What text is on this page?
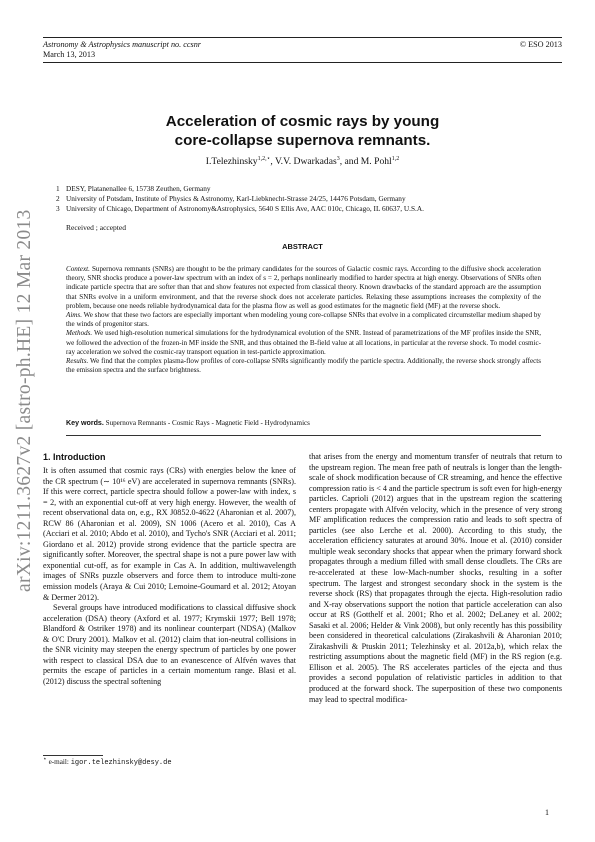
Astronomy & Astrophysics manuscript no. ccsnr
March 13, 2013
© ESO 2013
arXiv:1211.3627v2 [astro-ph.HE] 12 Mar 2013
Acceleration of cosmic rays by young
core-collapse supernova remnants.
I.Telezhinsky$^{1,2,⋆}$, V.V. Dwarkadas$^3$, and M. Pohl$^{1,2}$
1 DESY, Platanenallee 6, 15738 Zeuthen, Germany
2 University of Potsdam, Institute of Physics & Astronomy, Karl-Liebknecht-Strasse 24/25, 14476 Potsdam, Germany
3 University of Chicago, Department of Astronomy&Astrophysics, 5640 S Ellis Ave, AAC 010c, Chicago, IL 60637, U.S.A.
Received ; accepted
ABSTRACT

Context. Supernova remnants (SNRs) are thought to be the primary candidates for the sources of Galactic cosmic rays. According to the diffusive shock acceleration theory, SNR shocks produce a power-law spectrum with an index of s = 2, perhaps nonlinearly modified to harder spectra at high energy. Observations of SNRs often indicate particle spectra that are softer than that and show features not expected from classical theory. Known drawbacks of the standard approach are the assumption that SNRs evolve in a uniform environment, and that the reverse shock does not accelerate particles. Relaxing these assumptions increases the complexity of the problem, because one needs reliable hydrodynamical data for the plasma flow as well as good estimates for the magnetic field (MF) at the reverse shock.

Aims. We show that these two factors are especially important when modeling young core-collapse SNRs that evolve in a complicated circumstellar medium shaped by the winds of progenitor stars.

Methods. We used high-resolution numerical simulations for the hydrodynamical evolution of the SNR. Instead of parametrizations of the MF profiles inside the SNR, we followed the advection of the frozen-in MF inside the SNR, and thus obtained the B-field value at all locations, in particular at the reverse shock. To model cosmic-ray acceleration we solved the cosmic-ray transport equation in test-particle approximation.

Results. We find that the complex plasma-flow profiles of core-collapse SNRs significantly modify the particle spectra. Additionally, the reverse shock strongly affects the emission spectra and the surface brightness.

Key words. Supernova Remnants - Cosmic Rays - Magnetic Field - Hydrodynamics
1. Introduction

It is often assumed that cosmic rays (CRs) with energies below the knee of the CR spectrum (∼ 10¹⁶ eV) are accelerated in supernova remnants (SNRs). If this were correct, particle spectra should follow a power-law with index, s = 2, with an exponential cut-off at very high energy. However, the wealth of recent observational data on, e.g., RX J0852.0-4622 (Aharonian et al. 2007), RCW 86 (Aharonian et al. 2009), SN 1006 (Acero et al. 2010), Cas A (Acciari et al. 2010; Abdo et al. 2010), and Tycho's SNR (Acciari et al. 2011; Giordano et al. 2012) provide strong evidence that the particle spectra are significantly softer. Moreover, the spectral shape is not a pure power law with exponential cut-off, as for example in Cas A. In addition, multiwavelength images of SNRs puzzle observers and force them to introduce multi-zone emission models (Araya & Cui 2010; Lemoine-Goumard et al. 2012; Atoyan & Dermer 2012).

Several groups have introduced modifications to classical diffusive shock acceleration (DSA) theory (Axford et al. 1977; Krymskii 1977; Bell 1978; Blandford & Ostriker 1978) and its nonlinear counterpart (NDSA) (Malkov & O'C Drury 2001). Malkov et al. (2012) claim that ion-neutral collisions in the SNR vicinity may steepen the energy spectrum of particles by one power with respect to classical DSA due to an evanescence of Alfvén waves that permits the escape of particles in a certain momentum range. Blasi et al. (2012) discuss the spectral softening

that arises from the energy and momentum transfer of neutrals that return to the upstream region. The mean free path of neutrals is longer than the length-scale of shock modification because of CR streaming, and hence the effective compression ratio is < 4 and the particle spectrum is soft even for high-energy particles. Caprioli (2012) argues that in the upstream region the scattering centers propagate with Alfvén velocity, which in the presence of very strong MF amplification reduces the compression ratio and leads to soft spectra of particles (see also Lerche et al. 2000). According to this study, the acceleration efficiency saturates at around 30%. Inoue et al. (2010) consider multiple weak secondary shocks that appear when the primary forward shock propagates through a medium filled with small dense cloudlets. The CRs are re-accelerated at these low-Mach-number shocks, resulting in a softer spectrum. The largest and strongest secondary shock in the system is the reverse shock (RS) that propagates through the ejecta. High-resolution radio and X-ray observations support the notion that particle acceleration can also occur at RS (Gotthelf et al. 2001; Rho et al. 2002; DeLaney et al. 2002; Sasaki et al. 2006; Helder & Vink 2008), but only recently has this possibility been considered in theoretical calculations (Zirakashvili & Aharonian 2010; Zirakashvili & Ptuskin 2011; Telezhinsky et al. 2012a,b), which relax the restricting assumptions about the magnetic field (MF) in the RS region (e.g. Ellison et al. 2005). The RS accelerates particles of the ejecta and thus provides a second population of relativistic particles in addition to that produced at the forward shock. The superposition of these two components may lead to spectral modifica-

⋆ e-mail: igor.telezhinsky@desy.de
1
